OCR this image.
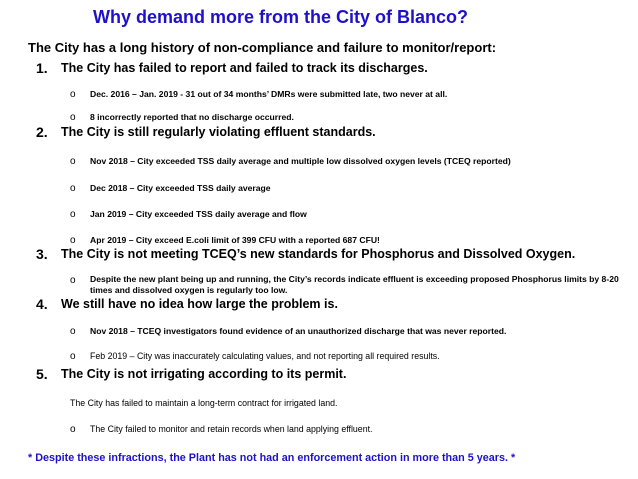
Why demand more from the City of Blanco?
The City has a long history of non-compliance and failure to monitor/report:
1. The City has failed to report and failed to track its discharges.
o Dec. 2016 – Jan. 2019 - 31 out of 34 months’ DMRs were submitted late, two never at all.
o 8 incorrectly reported that no discharge occurred.
2. The City is still regularly violating effluent standards.
o Nov 2018 – City exceeded TSS daily average and multiple low dissolved oxygen levels (TCEQ reported)
o Dec 2018 – City exceeded TSS daily average
o Jan 2019 – City exceeded TSS daily average and flow
o Apr 2019 – City exceed E.coli limit of 399 CFU with a reported 687 CFU!
3. The City is not meeting TCEQ’s new standards for Phosphorus and Dissolved Oxygen.
o Despite the new plant being up and running, the City’s records indicate effluent is exceeding proposed Phosphorus limits by 8-20 times and dissolved oxygen is regularly too low.
4. We still have no idea how large the problem is.
o Nov 2018 – TCEQ investigators found evidence of an unauthorized discharge that was never reported.
o Feb 2019 – City was inaccurately calculating values, and not reporting all required results.
5. The City is not irrigating according to its permit.
The City has failed to maintain a long-term contract for irrigated land.
o The City failed to monitor and retain records when land applying effluent.
* Despite these infractions, the Plant has not had an enforcement action in more than 5 years. *
